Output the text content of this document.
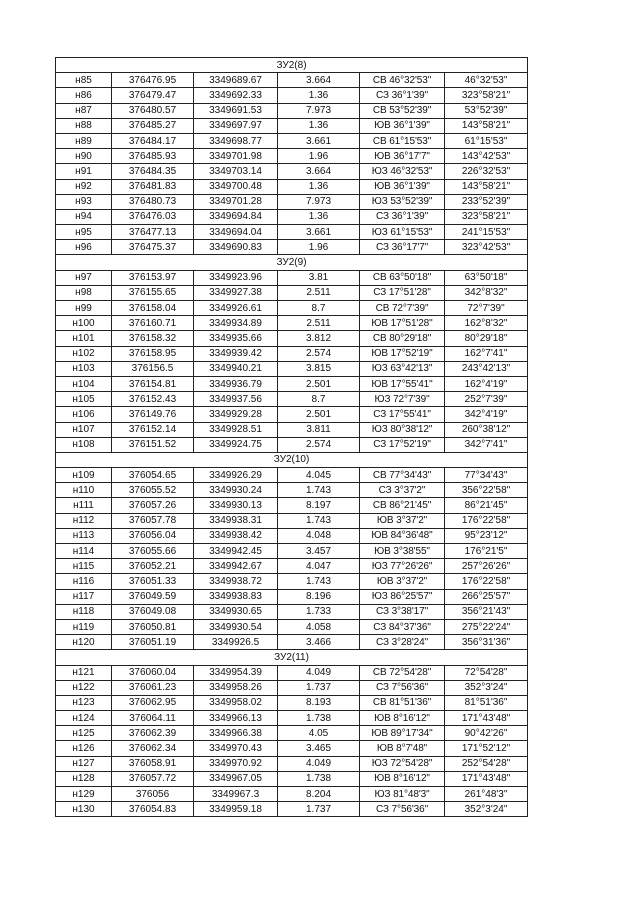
ЗУ2(8)					
н85	376476.95	3349689.67	3.664	СВ 46°32'53"	46°32'53"
н86	376479.47	3349692.33	1.36	СЗ 36°1'39"	323°58'21"
н87	376480.57	3349691.53	7.973	СВ 53°52'39"	53°52'39"
н88	376485.27	3349697.97	1.36	ЮВ 36°1'39"	143°58'21"
н89	376484.17	3349698.77	3.661	СВ 61°15'53"	61°15'53"
н90	376485.93	3349701.98	1.96	ЮВ 36°17'7"	143°42'53"
н91	376484.35	3349703.14	3.664	ЮЗ 46°32'53"	226°32'53"
н92	376481.83	3349700.48	1.36	ЮВ 36°1'39"	143°58'21"
н93	376480.73	3349701.28	7.973	ЮЗ 53°52'39"	233°52'39"
н94	376476.03	3349694.84	1.36	СЗ 36°1'39"	323°58'21"
н95	376477.13	3349694.04	3.661	ЮЗ 61°15'53"	241°15'53"
н96	376475.37	3349690.83	1.96	СЗ 36°17'7"	323°42'53"
ЗУ2(9)					
н97	376153.97	3349923.96	3.81	СВ 63°50'18"	63°50'18"
н98	376155.65	3349927.38	2.511	СЗ 17°51'28"	342°8'32"
н99	376158.04	3349926.61	8.7	СВ 72°7'39"	72°7'39"
н100	376160.71	3349934.89	2.511	ЮВ 17°51'28"	162°8'32"
н101	376158.32	3349935.66	3.812	СВ 80°29'18"	80°29'18"
н102	376158.95	3349939.42	2.574	ЮВ 17°52'19"	162°7'41"
н103	376156.5	3349940.21	3.815	ЮЗ 63°42'13"	243°42'13"
н104	376154.81	3349936.79	2.501	ЮВ 17°55'41"	162°4'19"
н105	376152.43	3349937.56	8.7	ЮЗ 72°7'39"	252°7'39"
н106	376149.76	3349929.28	2.501	СЗ 17°55'41"	342°4'19"
н107	376152.14	3349928.51	3.811	ЮЗ 80°38'12"	260°38'12"
н108	376151.52	3349924.75	2.574	СЗ 17°52'19"	342°7'41"
ЗУ2(10)					
н109	376054.65	3349926.29	4.045	СВ 77°34'43"	77°34'43"
н110	376055.52	3349930.24	1.743	СЗ 3°37'2"	356°22'58"
н111	376057.26	3349930.13	8.197	СВ 86°21'45"	86°21'45"
н112	376057.78	3349938.31	1.743	ЮВ 3°37'2"	176°22'58"
н113	376056.04	3349938.42	4.048	ЮВ 84°36'48"	95°23'12"
н114	376055.66	3349942.45	3.457	ЮВ 3°38'55"	176°21'5"
н115	376052.21	3349942.67	4.047	ЮЗ 77°26'26"	257°26'26"
н116	376051.33	3349938.72	1.743	ЮВ 3°37'2"	176°22'58"
н117	376049.59	3349938.83	8.196	ЮЗ 86°25'57"	266°25'57"
н118	376049.08	3349930.65	1.733	СЗ 3°38'17"	356°21'43"
н119	376050.81	3349930.54	4.058	СЗ 84°37'36"	275°22'24"
н120	376051.19	3349926.5	3.466	СЗ 3°28'24"	356°31'36"
ЗУ2(11)					
н121	376060.04	3349954.39	4.049	СВ 72°54'28"	72°54'28"
н122	376061.23	3349958.26	1.737	СЗ 7°56'36"	352°3'24"
н123	376062.95	3349958.02	8.193	СВ 81°51'36"	81°51'36"
н124	376064.11	3349966.13	1.738	ЮВ 8°16'12"	171°43'48"
н125	376062.39	3349966.38	4.05	ЮВ 89°17'34"	90°42'26"
н126	376062.34	3349970.43	3.465	ЮВ 8°7'48"	171°52'12"
н127	376058.91	3349970.92	4.049	ЮЗ 72°54'28"	252°54'28"
н128	376057.72	3349967.05	1.738	ЮВ 8°16'12"	171°43'48"
н129	376056	3349967.3	8.204	ЮЗ 81°48'3"	261°48'3"
н130	376054.83	3349959.18	1.737	СЗ 7°56'36"	352°3'24"
